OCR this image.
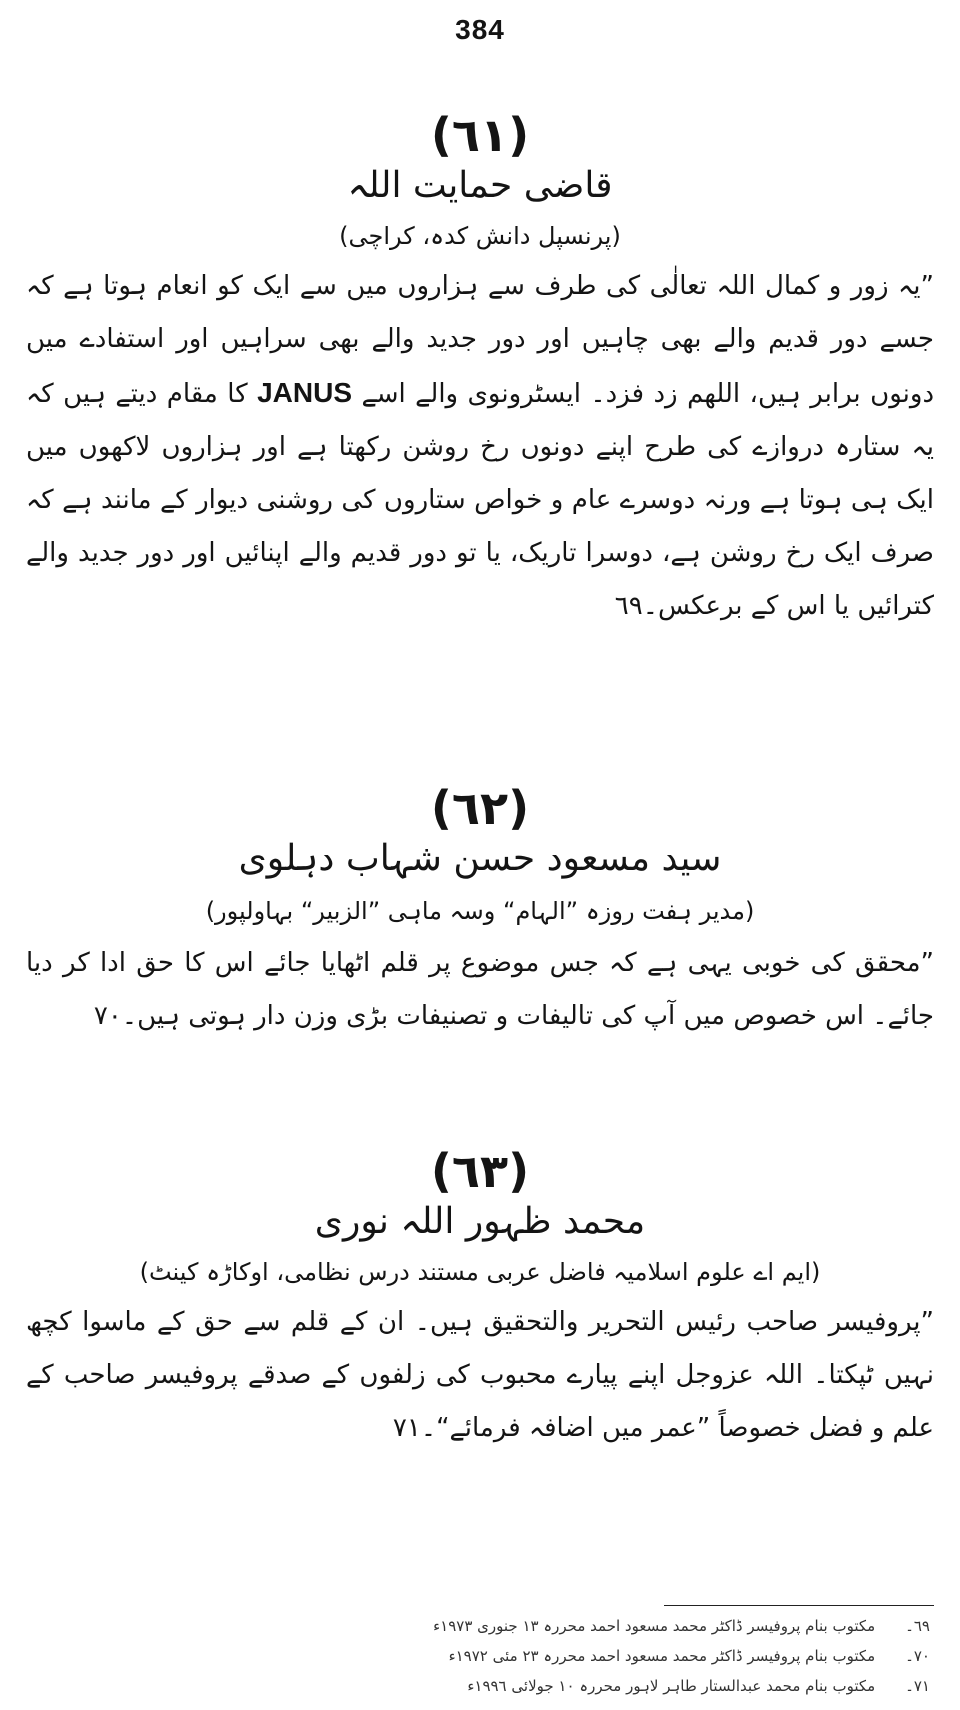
384
(٦١)
قاضی حمایت اللہ
(پرنسپل دانش کدہ، کراچی)
”یہ زور و کمال اللہ تعالٰی کی طرف سے ہزاروں میں سے ایک کو انعام ہوتا ہے کہ جسے دور قدیم والے بھی چاہیں اور دور جدید والے بھی سراہیں اور استفادے میں دونوں برابر ہیں، اللھم زد فزد۔ ایسٹرونوی والے اسے JANUS کا مقام دیتے ہیں کہ یہ ستارہ دروازے کی طرح اپنے دونوں رخ روشن رکھتا ہے اور ہزاروں لاکھوں میں ایک ہی ہوتا ہے ورنہ دوسرے عام و خواص ستاروں کی روشنی دیوار کے مانند ہے کہ صرف ایک رخ روشن ہے، دوسرا تاریک، یا تو دور قدیم والے اپنائیں اور دور جدید والے کترائیں یا اس کے برعکس۔٦٩
(٦٢)
سید مسعود حسن شہاب دہلوی
(مدیر ہفت روزہ ”الہام“ وسہ ماہی ”الزبیر“ بہاولپور)
”محقق کی خوبی یہی ہے کہ جس موضوع پر قلم اٹھایا جائے اس کا حق ادا کر دیا جائے۔ اس خصوص میں آپ کی تالیفات و تصنیفات بڑی وزن دار ہوتی ہیں۔٧٠
(٦٣)
محمد ظہور اللہ نوری
(ایم اے علوم اسلامیہ فاضل عربی مستند درس نظامی، اوکاڑہ کینٹ)
”پروفیسر صاحب رئیس التحریر والتحقیق ہیں۔ ان کے قلم سے حق کے ماسوا کچھ نہیں ٹپکتا۔ اللہ عزوجل اپنے پیارے محبوب کی زلفوں کے صدقے پروفیسر صاحب کے علم و فضل خصوصاً ”عمر میں اضافہ فرمائے“۔٧١
٦٩۔ مکتوب بنام پروفیسر ڈاکٹر محمد مسعود احمد محررہ ١٣ جنوری ١٩٧٣ء
٧٠۔ مکتوب بنام پروفیسر ڈاکٹر محمد مسعود احمد محررہ ٢٣ مئی ١٩٧٢ء
٧١۔ مکتوب بنام محمد عبدالستار طاہر لاہور محررہ ١٠ جولائی ١٩٩٦ء
